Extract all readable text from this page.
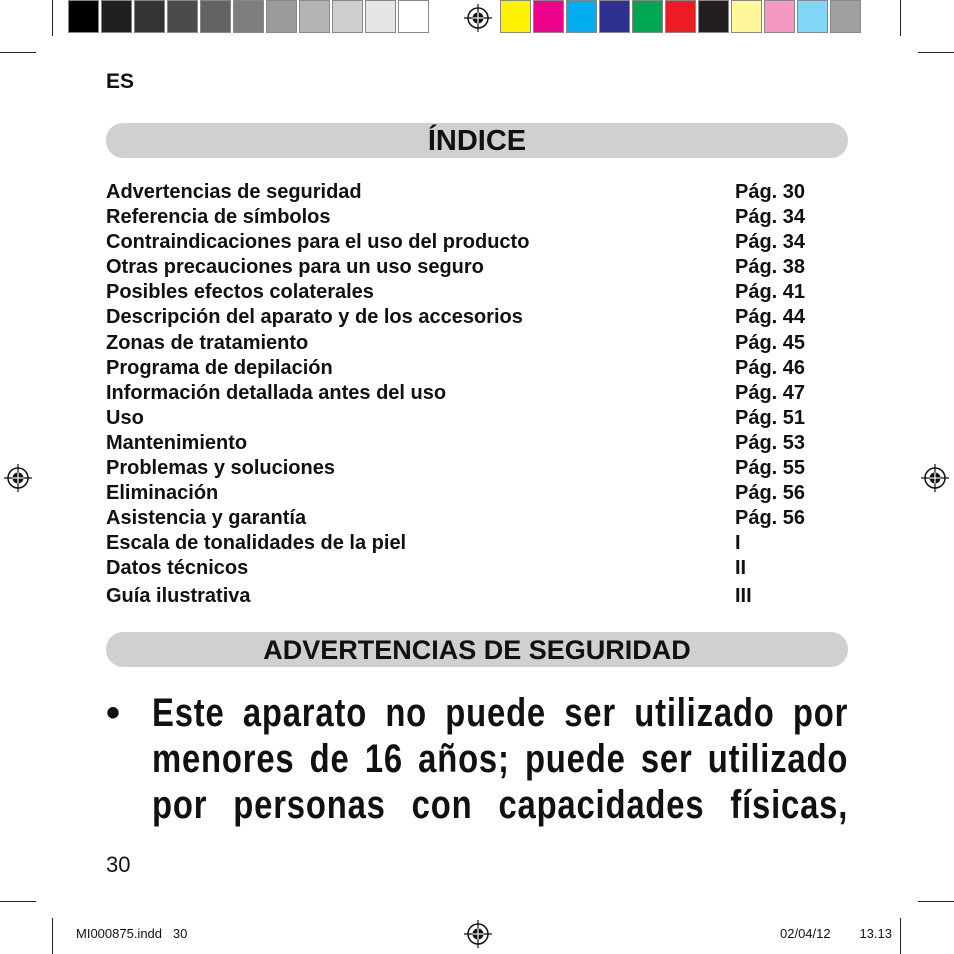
ES
ÍNDICE
Advertencias de seguridad	Pág. 30
Referencia de símbolos	Pág. 34
Contraindicaciones para el uso del producto	Pág. 34
Otras precauciones para un uso seguro	Pág. 38
Posibles efectos colaterales	Pág. 41
Descripción del aparato y de los accesorios	Pág. 44
Zonas de tratamiento	Pág. 45
Programa de depilación	Pág. 46
Información detallada antes del uso	Pág. 47
Uso	Pág. 51
Mantenimiento	Pág. 53
Problemas y soluciones	Pág. 55
Eliminación	Pág. 56
Asistencia y garantía	Pág. 56
Escala de tonalidades de la piel	I
Datos técnicos	II
Guía ilustrativa	III
ADVERTENCIAS DE SEGURIDAD
• Este aparato no puede ser utilizado por menores de 16 años; puede ser utilizado por personas con capacidades físicas,
30
MI000875.indd   30	02/04/12   13.13
